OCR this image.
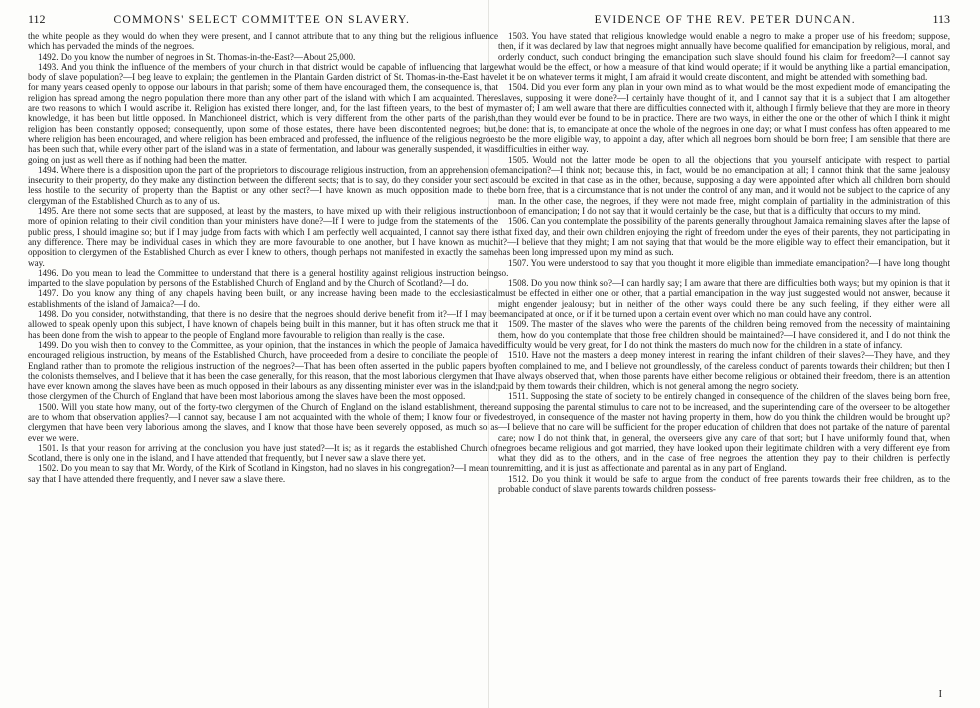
112	COMMONS' SELECT COMMITTEE ON SLAVERY.

the white people as they would do when they were present, and I cannot attribute that to any thing but the religious influence which has pervaded the minds of the negroes.

1492. Do you know the number of negroes in St. Thomas-in-the-East?—About 25,000.

1493. And you think the influence of the members of your church in that district would be capable of influencing that large body of slave population?—I beg leave to explain; the gentlemen in the Plantain Garden district of St. Thomas-in-the-East have for many years ceased openly to oppose our labours in that parish; some of them have encouraged them, the consequence is, that religion has spread among the negro population there more than any other part of the island with which I am acquainted. There are two reasons to which I would ascribe it. Religion has existed there longer, and, for the last fifteen years, to the best of my knowledge, it has been but little opposed. In Manchioneel district, which is very different from the other parts of the parish, religion has been constantly opposed; consequently, upon some of those estates, there have been discontented negroes; but, where religion has been encouraged, and where religion has been embraced and professed, the influence of the religious negroes has been such that, while every other part of the island was in a state of fermentation, and labour was generally suspended, it was going on just as well there as if nothing had been the matter.

1494. Where there is a disposition upon the part of the proprietors to discourage religious instruction, from an apprehension of insecurity to their property, do they make any distinction between the different sects; that is to say, do they consider your sect as less hostile to the security of property than the Baptist or any other sect?—I have known as much opposition made to the clergyman of the Established Church as to any of us.

1495. Are there not some sects that are supposed, at least by the masters, to have mixed up with their religious instruction more of opinion relating to their civil condition than your ministers have done?—If I were to judge from the statements of the public press, I should imagine so; but if I may judge from facts with which I am perfectly well acquainted, I cannot say there is any difference. There may be individual cases in which they are more favourable to one another, but I have known as much opposition to clergymen of the Established Church as ever I knew to others, though perhaps not manifested in exactly the same way.

1496. Do you mean to lead the Committee to understand that there is a general hostility against religious instruction being imparted to the slave population by persons of the Established Church of England and by the Church of Scotland?—I do.

1497. Do you know any thing of any chapels having been built, or any increase having been made to the ecclesiastical establishments of the island of Jamaica?—I do.

1498. Do you consider, notwithstanding, that there is no desire that the negroes should derive benefit from it?—If I may be allowed to speak openly upon this subject, I have known of chapels being built in this manner, but it has often struck me that it has been done from the wish to appear to the people of England more favourable to religion than really is the case.

1499. Do you wish then to convey to the Committee, as your opinion, that the instances in which the people of Jamaica have encouraged religious instruction, by means of the Established Church, have proceeded from a desire to conciliate the people of England rather than to promote the religious instruction of the negroes?—That has been often asserted in the public papers by the colonists themselves, and I believe that it has been the case generally, for this reason, that the most laborious clergymen that I have ever known among the slaves have been as much opposed in their labours as any dissenting minister ever was in the island; those clergymen of the Church of England that have been most laborious among the slaves have been the most opposed.

1500. Will you state how many, out of the forty-two clergymen of the Church of England on the island establishment, there are to whom that observation applies?—I cannot say, because I am not acquainted with the whole of them; I know four or five clergymen that have been very laborious among the slaves, and I know that those have been severely opposed, as much so as ever we were.

1501. Is that your reason for arriving at the conclusion you have just stated?—It is; as it regards the established Church of Scotland, there is only one in the island, and I have attended that frequently, but I never saw a slave there yet.

1502. Do you mean to say that Mr. Wordy, of the Kirk of Scotland in Kingston, had no slaves in his congregation?—I mean to say that I have attended there frequently, and I never saw a slave there.

EVIDENCE OF THE REV. PETER DUNCAN.	113

1503. You have stated that religious knowledge would enable a negro to make a proper use of his freedom; suppose, then, if it was declared by law that negroes might annually have become qualified for emancipation by religious, moral, and orderly conduct, such conduct bringing the emancipation such slave should found his claim for freedom?—I cannot say what would be the effect, or how a measure of that kind would operate; if it would be anything like a partial emancipation, let it be on whatever terms it might, I am afraid it would create discontent, and might be attended with something bad.

1504. Did you ever form any plan in your own mind as to what would be the most expedient mode of emancipating the slaves, supposing it were done?—I certainly have thought of it, and I cannot say that it is a subject that I am altogether master of; I am well aware that there are difficulties connected with it, although I firmly believe that they are more in theory than they would ever be found to be in practice. There are two ways, in either the one or the other of which I think it might be done: that is, to emancipate at once the whole of the negroes in one day; or what I must confess has often appeared to me to be the more eligible way, to appoint a day, after which all negroes born should be born free; I am sensible that there are difficulties in either way.

1505. Would not the latter mode be open to all the objections that you yourself anticipate with respect to partial emancipation?—I think not; because this, in fact, would be no emancipation at all; I cannot think that the same jealousy could be excited in that case as in the other, because, supposing a day were appointed after which all children born should be born free, that is a circumstance that is not under the control of any man, and it would not be subject to the caprice of any man. In the other case, the negroes, if they were not made free, might complain of partiality in the administration of this boon of emancipation; I do not say that it would certainly be the case, but that is a difficulty that occurs to my mind.

1506. Can you contemplate the possibility of the parents generally throughout Jamaica remaining slaves after the lapse of that fixed day, and their own children enjoying the right of freedom under the eyes of their parents, they not participating in it?—I believe that they might; I am not saying that that would be the more eligible way to effect their emancipation, but it has been long impressed upon my mind as such.

1507. You were understood to say that you thought it more eligible than immediate emancipation?—I have long thought so.

1508. Do you now think so?—I can hardly say; I am aware that there are difficulties both ways; but my opinion is that it must be effected in either one or other, that a partial emancipation in the way just suggested would not answer, because it might engender jealousy; but in neither of the other ways could there be any such feeling, if they either were all emancipated at once, or if it be turned upon a certain event over which no man could have any control.

1509. The master of the slaves who were the parents of the children being removed from the necessity of maintaining them, how do you contemplate that those free children should be maintained?—I have considered it, and I do not think the difficulty would be very great, for I do not think the masters do much now for the children in a state of infancy.

1510. Have not the masters a deep money interest in rearing the infant children of their slaves?—They have, and they often complained to me, and I believe not groundlessly, of the careless conduct of parents towards their children; but then I have always observed that, when those parents have either become religious or obtained their freedom, there is an attention paid by them towards their children, which is not general among the negro society.

1511. Supposing the state of society to be entirely changed in consequence of the children of the slaves being born free, and supposing the parental stimulus to care not to be increased, and the superintending care of the overseer to be altogether destroyed, in consequence of the master not having property in them, how do you think the children would be brought up?—I believe that no care will be sufficient for the proper education of children that does not partake of the nature of parental care; now I do not think that, in general, the overseers give any care of that sort; but I have uniformly found that, when negroes became religious and got married, they have looked upon their legitimate children with a very different eye from what they did as to the others, and in the case of free negroes the attention they pay to their children is perfectly unremitting, and it is just as affectionate and parental as in any part of England.

1512. Do you think it would be safe to argue from the conduct of free parents towards their free children, as to the probable conduct of slave parents towards children possess-

I
